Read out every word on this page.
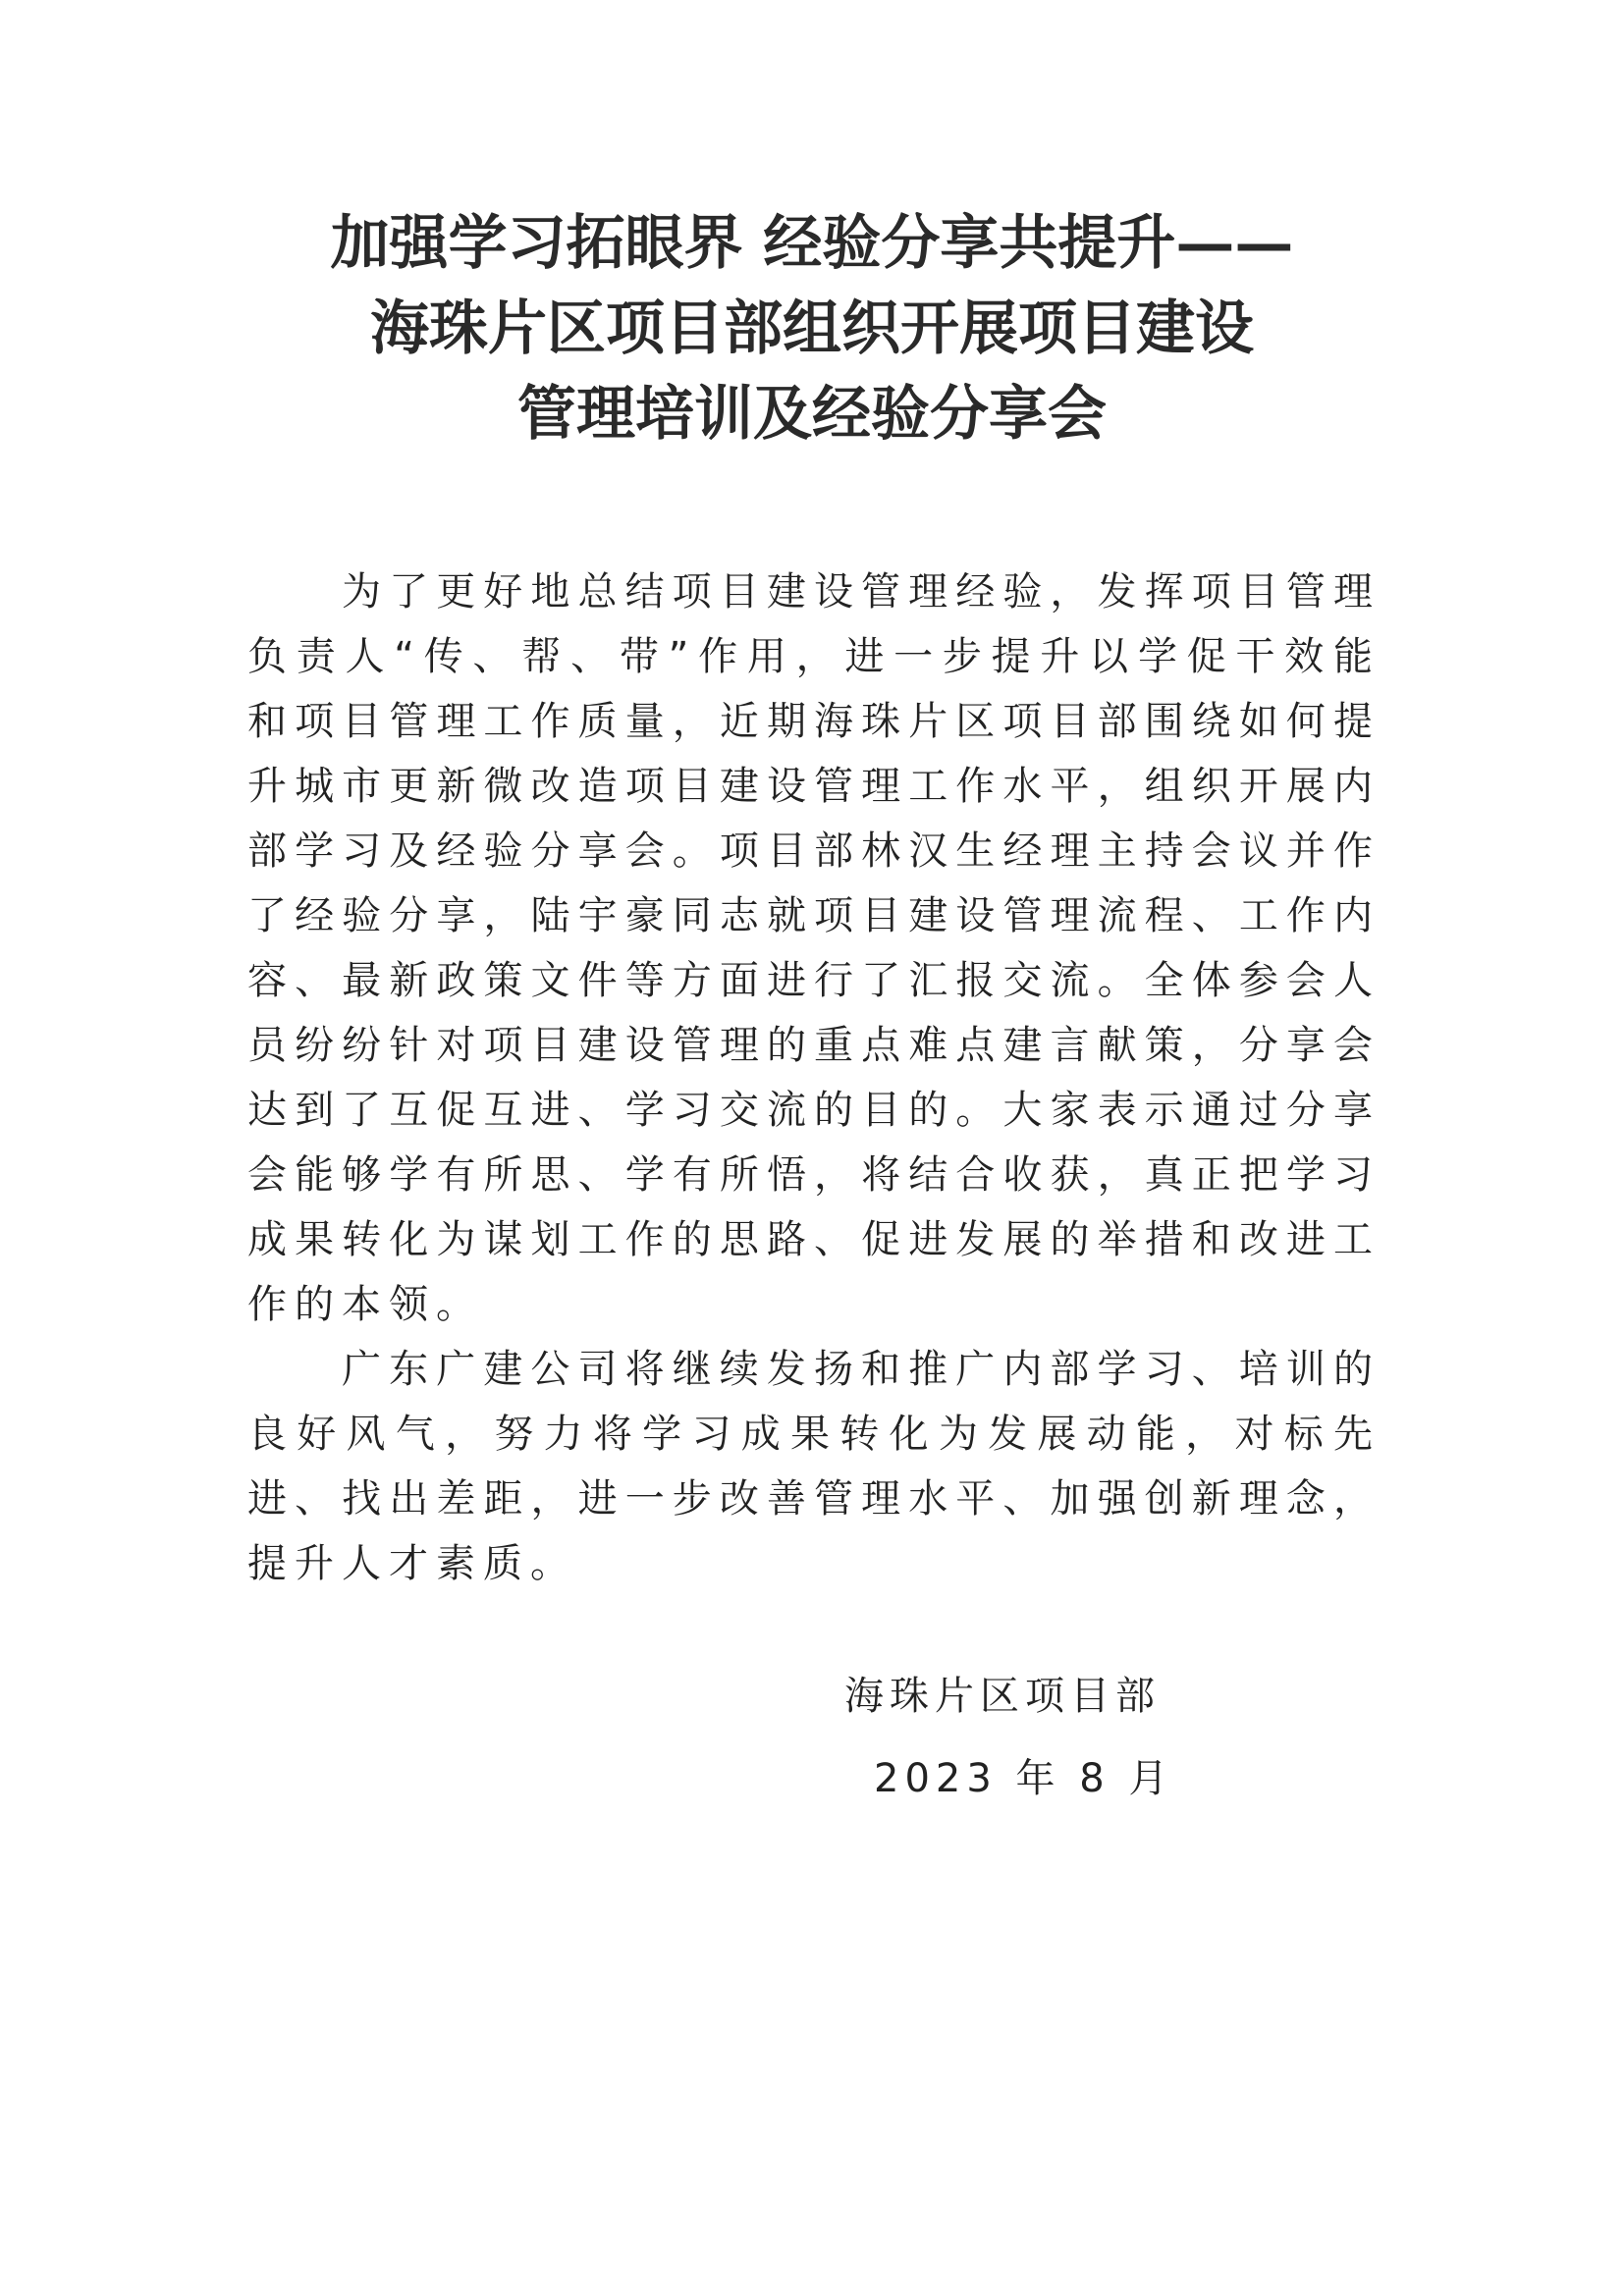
加强学习拓眼界 经验分享共提升——
海珠片区项目部组织开展项目建设
管理培训及经验分享会

为了更好地总结项目建设管理经验，发挥项目管理负责人“传、帮、带”作用，进一步提升以学促干效能和项目管理工作质量，近期海珠片区项目部围绕如何提升城市更新微改造项目建设管理工作水平，组织开展内部学习及经验分享会。项目部林汉生经理主持会议并作了经验分享，陆宇豪同志就项目建设管理流程、工作内容、最新政策文件等方面进行了汇报交流。全体参会人员纷纷针对项目建设管理的重点难点建言献策，分享会达到了互促互进、学习交流的目的。大家表示通过分享会能够学有所思、学有所悟，将结合收获，真正把学习成果转化为谋划工作的思路、促进发展的举措和改进工作的本领。

广东广建公司将继续发扬和推广内部学习、培训的良好风气，努力将学习成果转化为发展动能，对标先进、找出差距，进一步改善管理水平、加强创新理念，提升人才素质。

海珠片区项目部
2023 年 8 月
